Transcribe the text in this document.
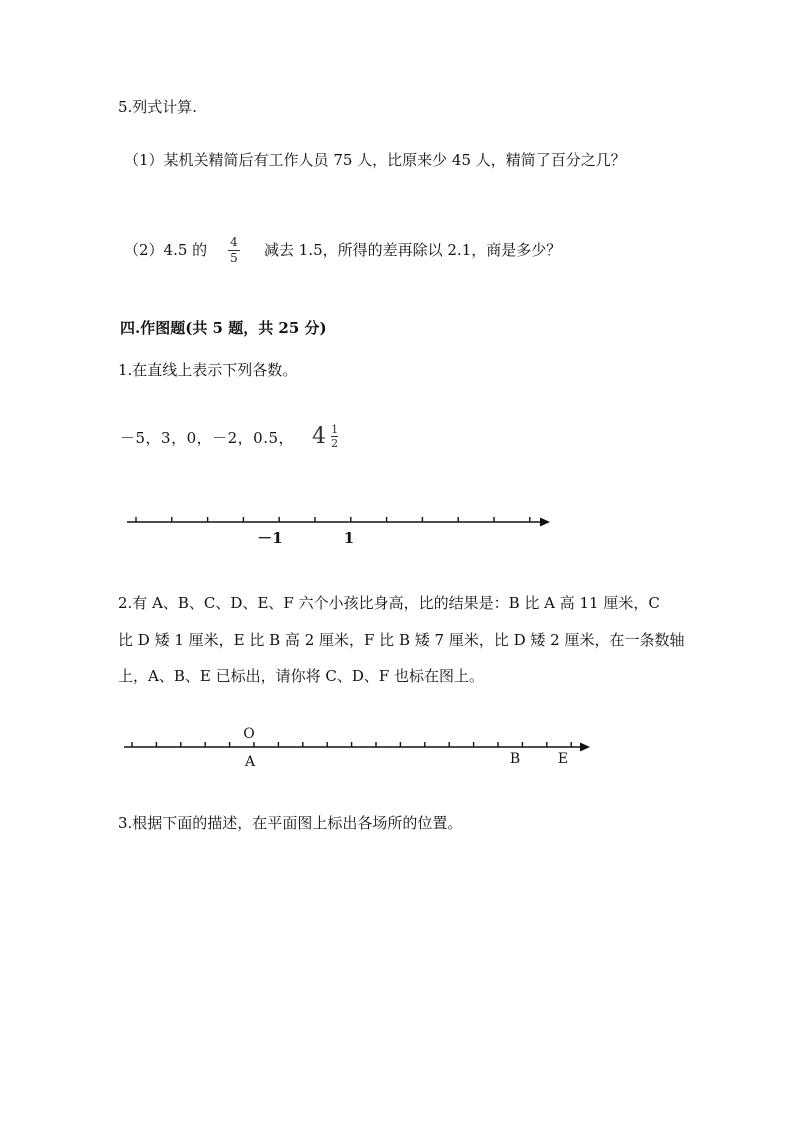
5.列式计算.
（1）某机关精简后有工作人员 75 人，比原来少 45 人，精简了百分之几？
（2）4.5 的 4
5 减去 1.5，所得的差再除以 2.1，商是多少？
四.作图题(共 5 题，共 25 分)
1.在直线上表示下列各数。
－5，3，0，－2，0.5， $4 \frac{1}{2}$
－1	1
2.有 A、B、C、D、E、F 六个小孩比身高，比的结果是：B 比 A 高 11 厘米，C
比 D 矮 1 厘米，E 比 B 高 2 厘米，F 比 B 矮 7 厘米，比 D 矮 2 厘米，在一条数轴
上，A、B、E 已标出，请你将 C、D、F 也标在图上。
O
A	B	E
3.根据下面的描述，在平面图上标出各场所的位置。
